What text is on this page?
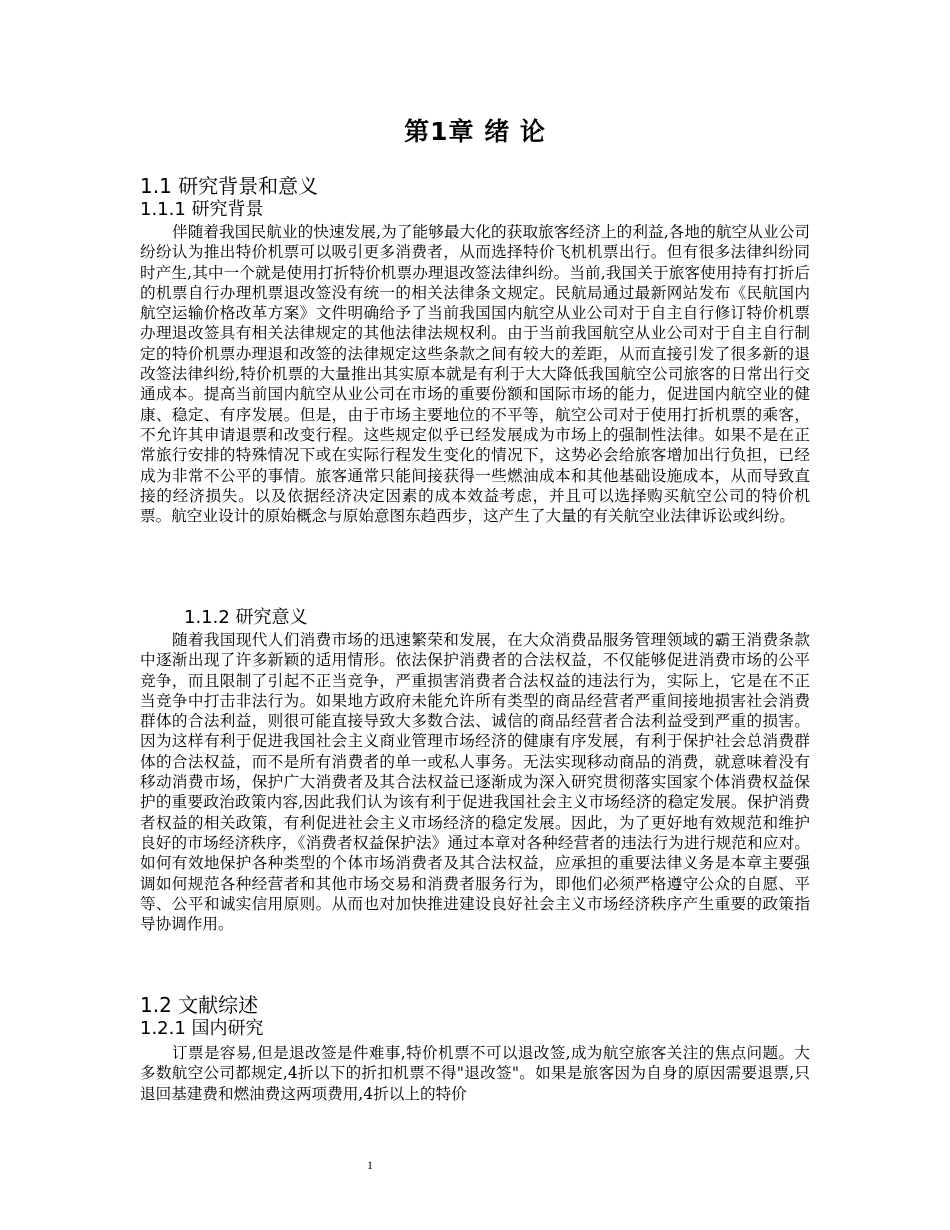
第1章 绪 论
1.1 研究背景和意义
1.1.1 研究背景

伴随着我国民航业的快速发展,为了能够最大化的获取旅客经济上的利益,各地的航空从业公司纷纷认为推出特价机票可以吸引更多消费者，从而选择特价飞机机票出行。但有很多法律纠纷同时产生,其中一个就是使用打折特价机票办理退改签法律纠纷。当前,我国关于旅客使用持有打折后的机票自行办理机票退改签没有统一的相关法律条文规定。民航局通过最新网站发布《民航国内航空运输价格改革方案》文件明确给予了当前我国国内航空从业公司对于自主自行修订特价机票办理退改签具有相关法律规定的其他法律法规权利。由于当前我国航空从业公司对于自主自行制定的特价机票办理退和改签的法律规定这些条款之间有较大的差距，从而直接引发了很多新的退改签法律纠纷,特价机票的大量推出其实原本就是有利于大大降低我国航空公司旅客的日常出行交通成本。提高当前国内航空从业公司在市场的重要份额和国际市场的能力，促进国内航空业的健康、稳定、有序发展。但是，由于市场主要地位的不平等，航空公司对于使用打折机票的乘客，不允许其申请退票和改变行程。这些规定似乎已经发展成为市场上的强制性法律。如果不是在正常旅行安排的特殊情况下或在实际行程发生变化的情况下，这势必会给旅客增加出行负担，已经成为非常不公平的事情。旅客通常只能间接获得一些燃油成本和其他基础设施成本，从而导致直接的经济损失。以及依据经济决定因素的成本效益考虑，并且可以选择购买航空公司的特价机票。航空业设计的原始概念与原始意图东趋西步，这产生了大量的有关航空业法律诉讼或纠纷。

1.1.2 研究意义

随着我国现代人们消费市场的迅速繁荣和发展，在大众消费品服务管理领域的霸王消费条款中逐渐出现了许多新颖的适用情形。依法保护消费者的合法权益，不仅能够促进消费市场的公平竞争，而且限制了引起不正当竞争，严重损害消费者合法权益的违法行为，实际上，它是在不正当竞争中打击非法行为。如果地方政府未能允许所有类型的商品经营者严重间接地损害社会消费群体的合法利益，则很可能直接导致大多数合法、诚信的商品经营者合法利益受到严重的损害。因为这样有利于促进我国社会主义商业管理市场经济的健康有序发展，有利于保护社会总消费群体的合法权益，而不是所有消费者的单一或私人事务。无法实现移动商品的消费，就意味着没有移动消费市场，保护广大消费者及其合法权益已逐渐成为深入研究贯彻落实国家个体消费权益保护的重要政治政策内容,因此我们认为该有利于促进我国社会主义市场经济的稳定发展。保护消费者权益的相关政策，有利促进社会主义市场经济的稳定发展。因此，为了更好地有效规范和维护良好的市场经济秩序，《消费者权益保护法》通过本章对各种经营者的违法行为进行规范和应对。如何有效地保护各种类型的个体市场消费者及其合法权益，应承担的重要法律义务是本章主要强调如何规范各种经营者和其他市场交易和消费者服务行为，即他们必须严格遵守公众的自愿、平等、公平和诚实信用原则。从而也对加快推进建设良好社会主义市场经济秩序产生重要的政策指导协调作用。

1.2 文献综述
1.2.1 国内研究

订票是容易,但是退改签是件难事,特价机票不可以退改签,成为航空旅客关注的焦点问题。大多数航空公司都规定,4折以下的折扣机票不得"退改签"。如果是旅客因为自身的原因需要退票,只退回基建费和燃油费这两项费用,4折以上的特价

1
